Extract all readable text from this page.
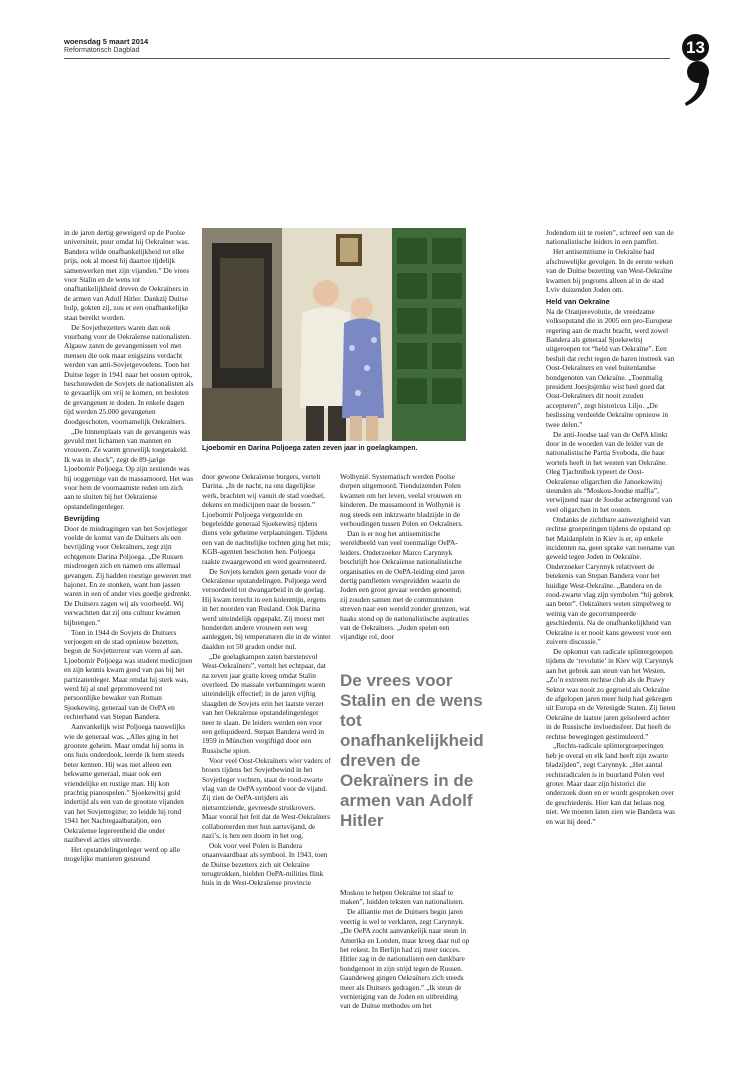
woensdag 5 maart 2014
Reformatorisch Dagblad	13

in de jaren dertig geweigerd op de Poolse universiteit, puur omdat hij Oekraïner was. Bandera wilde onafhankelijkheid tot elke prijs, ook al moest hij daartoe tijdelijk samenwerken met zijn vijanden.” De vrees voor Stalin en de wens tot onafhankelijkheid dreven de Oekraïners in de armen van Adolf Hitler. Dankzij Duitse hulp, gokten zij, zou er een onafhankelijke staat bereikt worden.

De Sovjetbezetters waren dan ook vuurbang voor de Oekraïense nationalisten. Algauw zaten de gevangenissen vol met mensen die ook maar enigszins verdacht werden van anti-Sovjetgevoelens. Toen het Duitse leger in 1941 naar het oosten optrok, beschouwden de Sovjets de nationalisten als te gevaarlijk om vrij te komen, en besloten de gevangenen te doden. In enkele dagen tijd werden 25.000 gevangenen doodgeschoten, voornamelijk Oekraïners.

„De binnenplaats van de gevangenis was gevuld met lichamen van mannen en vrouwen. Ze waren gruwelijk toegetakeld. Ik was in shock”, zegt de 89-jarige Ljoebomir Poljoega. Op zijn zestiende was hij ooggetuige van de massamoord. Het was voor hem de voornaamste reden om zich aan te sluiten bij het Oekraïense opstandelingenleger.

Bevrijding

Door de misdragingen van het Sovjetleger voelde de komst van de Duitsers als een bevrijding voor Oekraïners, zegt zijn echtgenote Darina Poljoega. „De Russen misdroegen zich en namen ons allemaal gevangen. Zij hadden roestige geweren met bajonet. En ze stonken, want hun jassen waren in een of ander vies goedje gedrenkt. De Duitsers zagen wij als voorbeeld. Wij verwachtten dat zij ons cultuur kwamen bijbrengen.”

Toen in 1944 de Sovjets de Duitsers verjoegen en de stad opnieuw bezetten, begon de Sovjetterreur van voren af aan. Ljoebomir Poljoega was student medicijnen en zijn kennis kwam goed van pas bij het partizanenleger. Maar omdat hij sterk was, werd hij al snel gepromoveerd tot persoonlijke bewaker van Roman Sjoekewitsj, generaal van de OePA en rechterhand van Stepan Bandera.

Aanvankelijk wist Poljoega nauwelijks wie de generaal was. „Alles ging in het grootste geheim. Maar omdat hij soms in ons huis onderdook, leerde ik hem steeds beter kennen. Hij was niet alleen een bekwame generaal, maar ook een vriendelijke en rustige man. Hij kon prachtig pianospelen.” Sjoekewitsj gold indertijd als een van de grootste vijanden van het Sovjetregime; zo leidde hij rond 1941 het Nachtegaalbataljon, een Oekraïense legereenheid die onder nazibevel acties uitvoerde.

Het opstandelingenleger werd op alle mogelijke manieren gesteund

Ljoebomir en Darina Poljoega zaten zeven jaar in goelagkampen.

door gewone Oekraïense burgers, vertelt Darina. „In de nacht, na ons dagelijkse werk, brachten wij vanuit de stad voedsel, dekens en medicijnen naar de bossen.” Ljoebomir Poljoega vergezelde en begeleidde generaal Sjoekewitsj tijdens diens vele geheime verplaatsingen. Tijdens een van de nachtelijke tochten ging het mis; KGB-agenten beschoten hen. Poljoega raakte zwaargewond en werd gearresteerd.

De Sovjets kenden geen genade voor de Oekraïense opstandelingen. Poljoega werd veroordeeld tot dwangarbeid in de goelag. Hij kwam terecht in een kolenmijn, ergens in het noorden van Rusland. Ook Darina werd uiteindelijk opgepakt. Zij moest met honderden andere vrouwen een weg aanleggen, bij temperaturen die in de winter daalden tot 50 graden onder nul.

„De goelagkampen zaten barstensvol West-Oekraïners”, vertelt het echtpaar, dat na zeven jaar gratie kreeg omdat Stalin overleed. De massale verbanningen waren uiteindelijk effectief; in de jaren vijftig slaagden de Sovjets erin het laatste verzet van het Oekraïense opstandelingenleger neer te slaan. De leiders werden een voor een geliquideerd. Stepan Bandera werd in 1959 in München vergiftigd door een Russische spion.

Voor veel Oost-Oekraïners wier vaders of broers tijdens het Sovjetbewind in het Sovjetleger vochten, staat de rood-zwarte vlag van de OePA symbool voor de vijand. Zij zien de OePA-strijders als nietsontziende, gevreesde struikrovers. Maar vooral het feit dat de West-Oekraïners collaboreerden met hun aartsvijand, de nazi’s, is hen een doorn in het oog.

Ook voor veel Polen is Bandera onaanvaardbaar als symbool. In 1943, toen de Duitse bezetters zich uit Oekraïne terugtrokken, hielden OePA-milities flink huis in de West-Oekraïense provincie

Wolhynië. Systematisch werden Poolse dorpen uitgemoord. Tienduizenden Polen kwamen om het leven, veelal vrouwen en kinderen. De massamoord in Wolhynië is nog steeds een inktzwarte bladzijde in de verhoudingen tussen Polen en Oekraïners.

Dan is er nog het antisemitische wereldbeeld van veel toenmalige OePA-leiders. Onderzoeker Marco Carynnyk beschrijft hoe Oekraïense nationalistische organisaties en de OePA-leiding eind jaren dertig pamfletten verspreidden waarin de Joden een groot gevaar werden genoemd; zij zouden samen met de communisten streven naar een wereld zonder grenzen, wat haaks stond op de nationalistische aspiraties van de Oekraïners. „Joden spelen een vijandige rol, door

De vrees voor Stalin en de wens tot onafhankelijkheid dreven de Oekraïners in de armen van Adolf Hitler

Moskou te helpen Oekraïne tot slaaf te maken”, luidden teksten van nationalisten.

De alliantie met de Duitsers begin jaren veertig is wel te verklaren, zegt Carynnyk. „De OePA zocht aanvankelijk naar steun in Amerika en Londen, maar kreeg daar nul op het rekest. In Berlijn had zij meer succes. Hitler zag in de nationalisten een dankbare bondgenoot in zijn strijd tegen de Russen. Gaandeweg gingen Oekraïners zich steeds meer als Duitsers gedragen.” „Ik steun de vernietiging van de Joden en uitbreiding van de Duitse methodes om het

Jodendom uit te roeien”, schreef een van de nationalistische leiders in een pamflet.

Het antisemitisme in Oekraïne had afschuwelijke gevolgen. In de eerste weken van de Duitse bezetting van West-Oekraïne kwamen bij pogroms alleen al in de stad Lviv duizenden Joden om.

Held van Oekraïne

Na de Oranjerevolutie, de vreedzame volksopstand die in 2005 een pro-Europese regering aan de macht bracht, werd zowel Bandera als generaal Sjoekewitsj uitgeroepen tot “held van Oekraïne”. Een besluit dat recht tegen de haren instreek van Oost-Oekraïners en veel buitenlandse bondgenoten van Oekraïne. „Toenmalig president Joesjtsjenko wist heel goed dat Oost-Oekraïners dit nooit zouden accepteren”, zegt historicus Liljo. „De beslissing verdeelde Oekraïne opnieuw in twee delen.”

De anti-Joodse taal van de OePA klinkt door in de woorden van de leider van de nationalistische Partia Svoboda, die haar wortels heeft in het westen van Oekraïne. Oleg Tjachnibok typeert de Oost-Oekraïense oligarchen die Janoekowitsj steunden als “Moskou-Joodse maffia”, verwijzend naar de Joodse achtergrond van veel oligarchen in het oosten.

Ondanks de zichtbare aanwezigheid van rechtse groeperingen tijdens de opstand op het Maidanplein in Kiev is er, op enkele incidenten na, geen sprake van toename van geweld tegen Joden in Oekraïne. Onderzoeker Carynnyk relativeert de betekenis van Stepan Bandera voor het huidige West-Oekraïne. „Bandera en de rood-zwarte vlag zijn symbolen “bij gebrek aan beter”. Oekraïners weten simpelweg te weinig van de gecorrumpeerde geschiedenis. Na de onafhankelijkheid van Oekraïne is er nooit kans geweest voor een zuivere discussie.”

De opkomst van radicale splintergroepen tijdens de ‘revolutie’ in Kiev wijt Carynnyk aan het gebrek aan steun van het Westen. „Zo’n extreem rechtse club als de Prawy Sektor was nooit zo gegroeid als Oekraïne de afgelopen jaren meer hulp had gekregen uit Europa en de Verenigde Staten. Zij lieten Oekraïne de laatste jaren geïsoleerd achter in de Russische invloedssfeer. Dat heeft de rechtse bewegingen gestimuleerd.”

„Rechts-radicale splintergroeperingen heb je overal en elk land heeft zijn zwarte bladzijden”, zegt Carynnyk. „Het aantal rechtsradicalen is in buurland Polen veel groter. Maar daar zijn historici die onderzoek doen en er wordt gesproken over de geschiedenis. Hier kan dat helaas nog niet. We moeten laten zien wie Bandera was en wat hij deed.”
